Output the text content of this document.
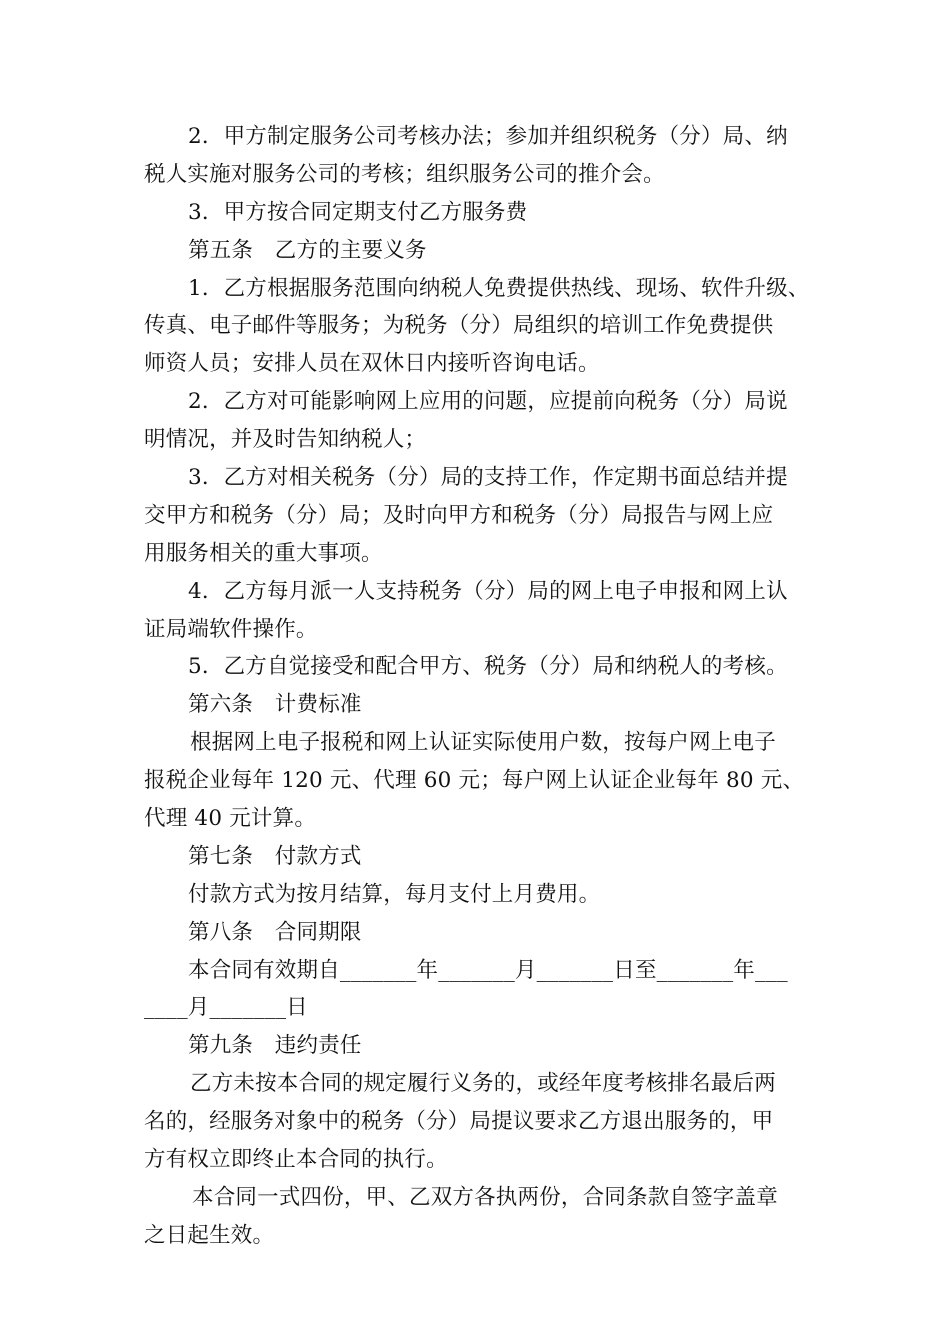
2．甲方制定服务公司考核办法；参加并组织税务（分）局、纳
税人实施对服务公司的考核；组织服务公司的推介会。
3．甲方按合同定期支付乙方服务费
第五条　乙方的主要义务
1．乙方根据服务范围向纳税人免费提供热线、现场、软件升级、
传真、电子邮件等服务；为税务（分）局组织的培训工作免费提供
师资人员；安排人员在双休日内接听咨询电话。
2．乙方对可能影响网上应用的问题，应提前向税务（分）局说
明情况，并及时告知纳税人；
3．乙方对相关税务（分）局的支持工作，作定期书面总结并提
交甲方和税务（分）局；及时向甲方和税务（分）局报告与网上应
用服务相关的重大事项。
4．乙方每月派一人支持税务（分）局的网上电子申报和网上认
证局端软件操作。
5．乙方自觉接受和配合甲方、税务（分）局和纳税人的考核。
第六条　计费标准
根据网上电子报税和网上认证实际使用户数，按每户网上电子
报税企业每年 120 元、代理 60 元；每户网上认证企业每年 80 元、
代理 40 元计算。
第七条　付款方式
付款方式为按月结算，每月支付上月费用。
第八条　合同期限
本合同有效期自_______年_______月_______日至_______年___
____月_______日
第九条　违约责任
乙方未按本合同的规定履行义务的，或经年度考核排名最后两
名的，经服务对象中的税务（分）局提议要求乙方退出服务的，甲
方有权立即终止本合同的执行。
本合同一式四份，甲、乙双方各执两份，合同条款自签字盖章
之日起生效。
